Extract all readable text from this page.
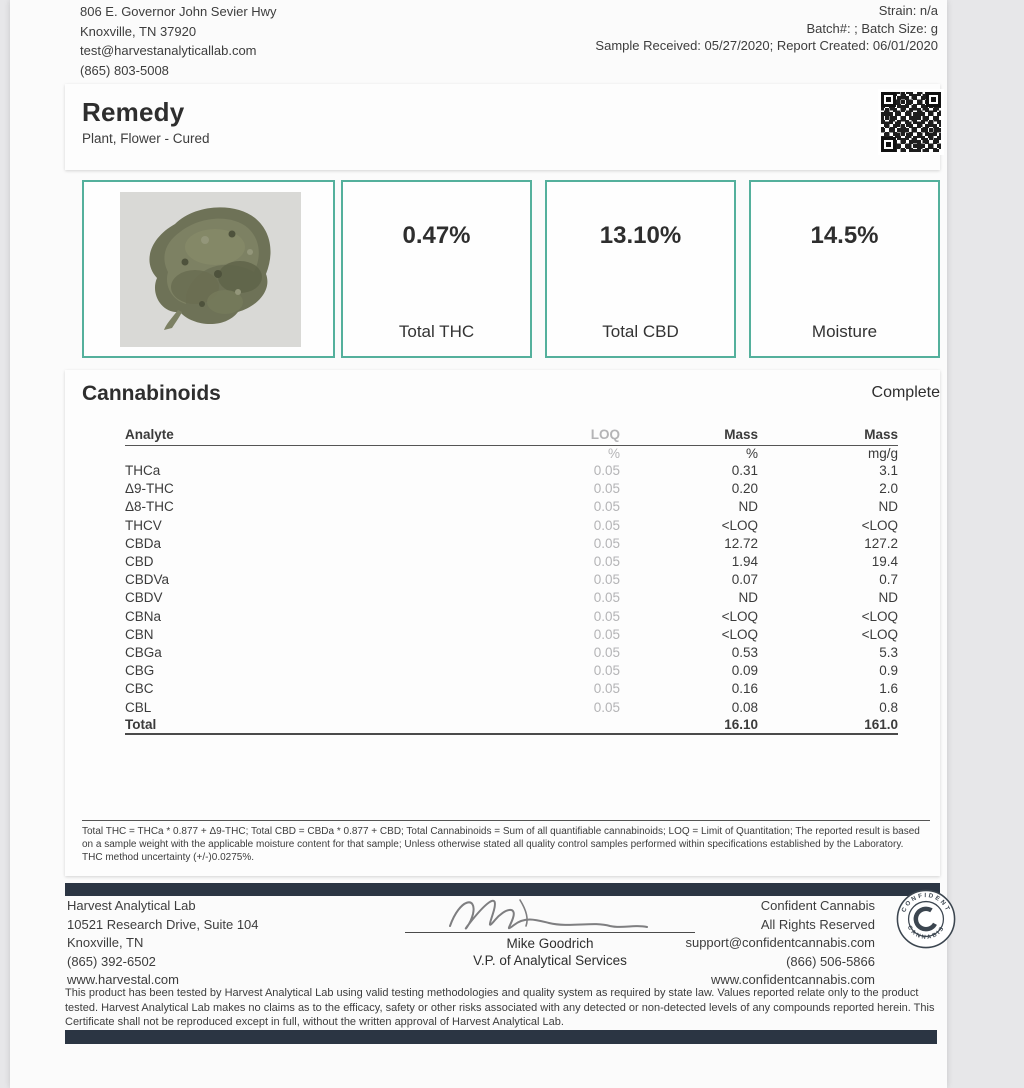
806 E. Governor John Sevier Hwy
Knoxville, TN 37920
test@harvestanalyticallab.com
(865) 803-5008
Strain: n/a
Batch#: ; Batch Size: g
Sample Received: 05/27/2020; Report Created: 06/01/2020
Remedy
Plant, Flower - Cured
0.47%
Total THC
13.10%
Total CBD
14.5%
Moisture
Cannabinoids	Complete
Analyte	LOQ	Mass	Mass
	%	%	mg/g
THCa	0.05	0.31	3.1
Δ9-THC	0.05	0.20	2.0
Δ8-THC	0.05	ND	ND
THCV	0.05	<LOQ	<LOQ
CBDa	0.05	12.72	127.2
CBD	0.05	1.94	19.4
CBDVa	0.05	0.07	0.7
CBDV	0.05	ND	ND
CBNa	0.05	<LOQ	<LOQ
CBN	0.05	<LOQ	<LOQ
CBGa	0.05	0.53	5.3
CBG	0.05	0.09	0.9
CBC	0.05	0.16	1.6
CBL	0.05	0.08	0.8
Total		16.10	161.0
Total THC = THCa * 0.877 + Δ9-THC; Total CBD = CBDa * 0.877 + CBD; Total Cannabinoids = Sum of all quantifiable cannabinoids; LOQ = Limit of Quantitation; The reported result is based on a sample weight with the applicable moisture content for that sample; Unless otherwise stated all quality control samples performed within specifications established by the Laboratory.
THC method uncertainty (+/-)0.0275%.
Harvest Analytical Lab
10521 Research Drive, Suite 104
Knoxville, TN
(865) 392-6502
www.harvestal.com
Mike Goodrich
V.P. of Analytical Services
Confident Cannabis
All Rights Reserved
support@confidentcannabis.com
(866) 506-5866
www.confidentcannabis.com
CONFIDENT
CANNABIS
This product has been tested by Harvest Analytical Lab using valid testing methodologies and quality system as required by state law. Values reported relate only to the product tested. Harvest Analytical Lab makes no claims as to the efficacy, safety or other risks associated with any detected or non-detected levels of any compounds reported herein. This Certificate shall not be reproduced except in full, without the written approval of Harvest Analytical Lab.
